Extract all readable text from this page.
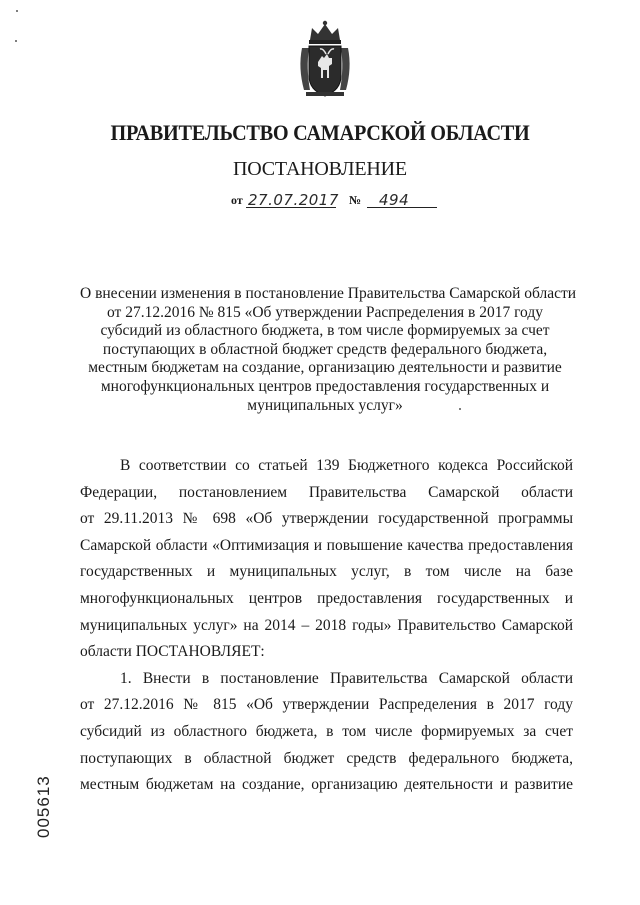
ПРАВИТЕЛЬСТВО САМАРСКОЙ ОБЛАСТИ
ПОСТАНОВЛЕНИЕ
от 27.07.2017 № 494
О внесении изменения в постановление Правительства Самарской области
от 27.12.2016 № 815 «Об утверждении Распределения в 2017 году
субсидий из областного бюджета, в том числе формируемых за счет
поступающих в областной бюджет средств федерального бюджета,
местным бюджетам на создание, организацию деятельности и развитие
многофункциональных центров предоставления государственных и
муниципальных услуг»
В соответствии со статьей 139 Бюджетного кодекса Российской
Федерации, постановлением Правительства Самарской области
от 29.11.2013 № 698 «Об утверждении государственной программы
Самарской области «Оптимизация и повышение качества предоставления
государственных и муниципальных услуг, в том числе на базе
многофункциональных центров предоставления государственных и
муниципальных услуг» на 2014 – 2018 годы» Правительство Самарской
области ПОСТАНОВЛЯЕТ:
1. Внести в постановление Правительства Самарской области
от 27.12.2016 № 815 «Об утверждении Распределения в 2017 году
субсидий из областного бюджета, в том числе формируемых за счет
поступающих в областной бюджет средств федерального бюджета,
местным бюджетам на создание, организацию деятельности и развитие
005613
